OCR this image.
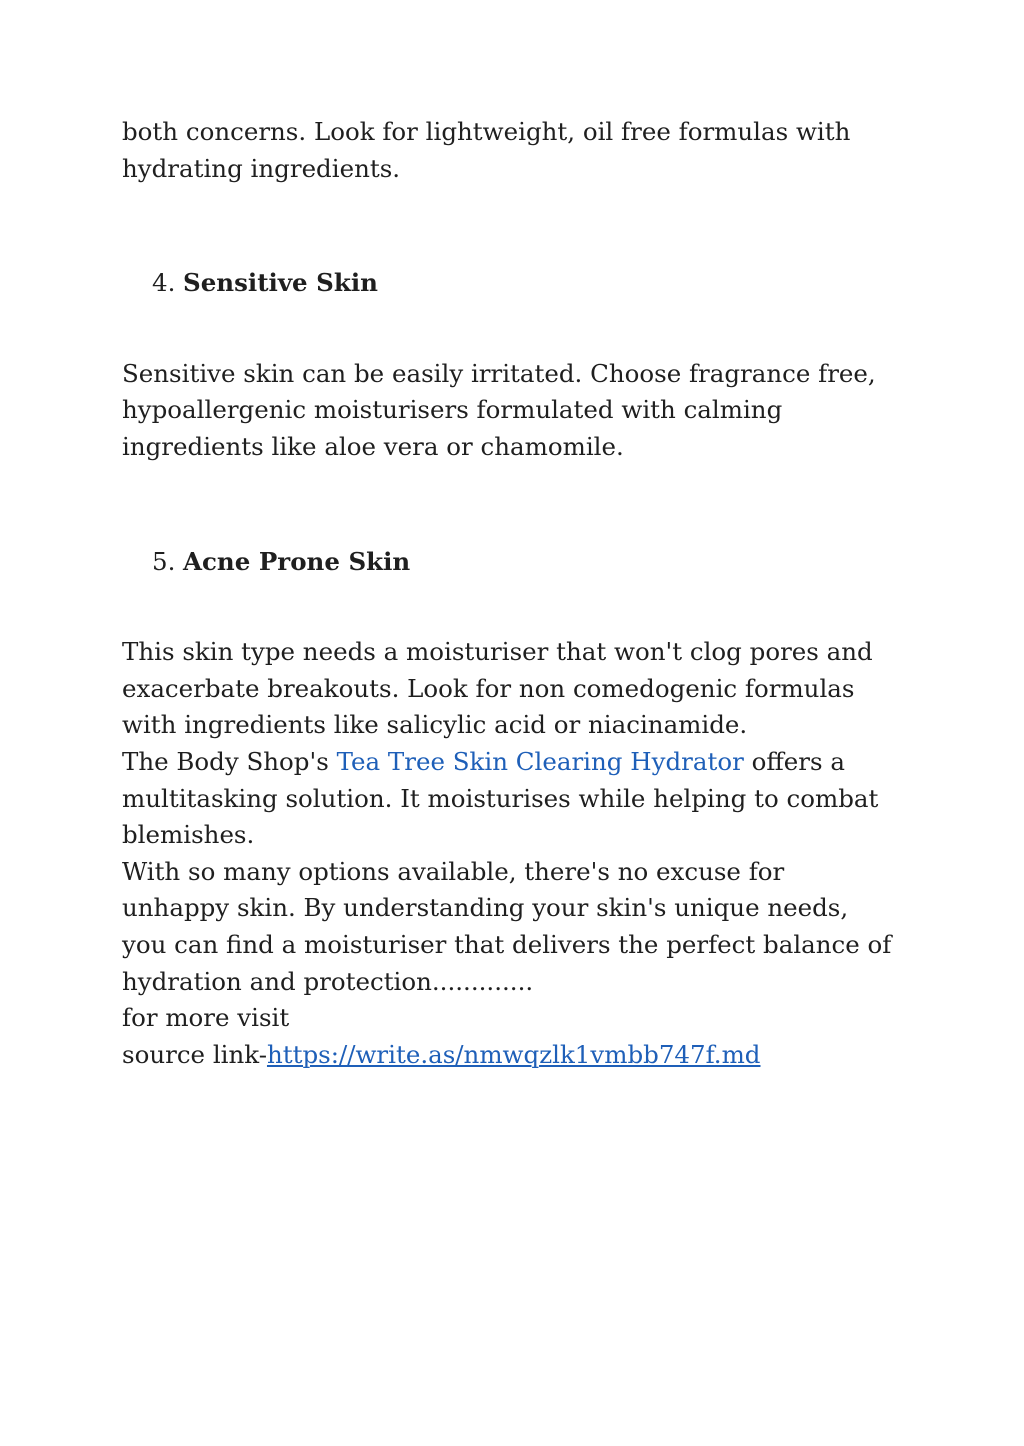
both concerns. Look for lightweight, oil free formulas with hydrating ingredients.

4. Sensitive Skin

Sensitive skin can be easily irritated. Choose fragrance free, hypoallergenic moisturisers formulated with calming ingredients like aloe vera or chamomile.

5. Acne Prone Skin

This skin type needs a moisturiser that won't clog pores and exacerbate breakouts. Look for non comedogenic formulas with ingredients like salicylic acid or niacinamide.

The Body Shop's Tea Tree Skin Clearing Hydrator offers a multitasking solution. It moisturises while helping to combat blemishes.

With so many options available, there's no excuse for unhappy skin. By understanding your skin's unique needs, you can find a moisturiser that delivers the perfect balance of hydration and protection.............

for more visit

source link-https://write.as/nmwqzlk1vmbb747f.md
